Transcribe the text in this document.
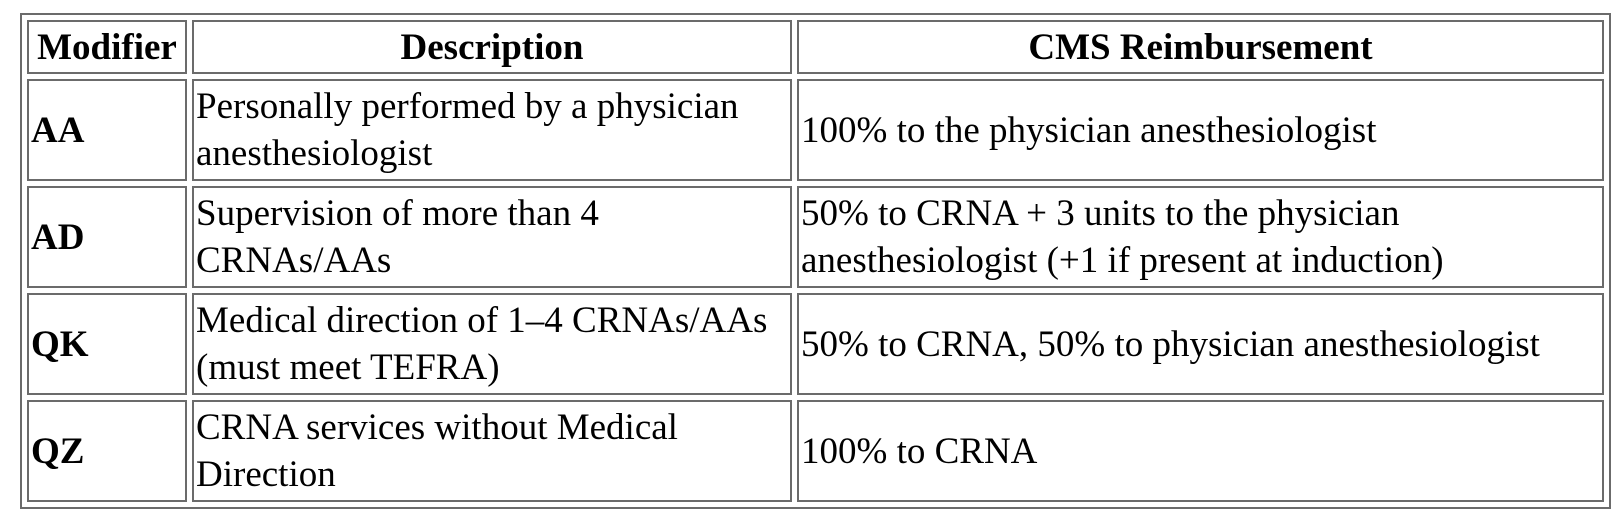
Modifier	Description	CMS Reimbursement
AA	Personally performed by a physician anesthesiologist	100% to the physician anesthesiologist
AD	Supervision of more than 4 CRNAs/AAs	50% to CRNA + 3 units to the physician anesthesiologist (+1 if present at induction)
QK	Medical direction of 1–4 CRNAs/AAs (must meet TEFRA)	50% to CRNA, 50% to physician anesthesiologist
QZ	CRNA services without Medical Direction	100% to CRNA
